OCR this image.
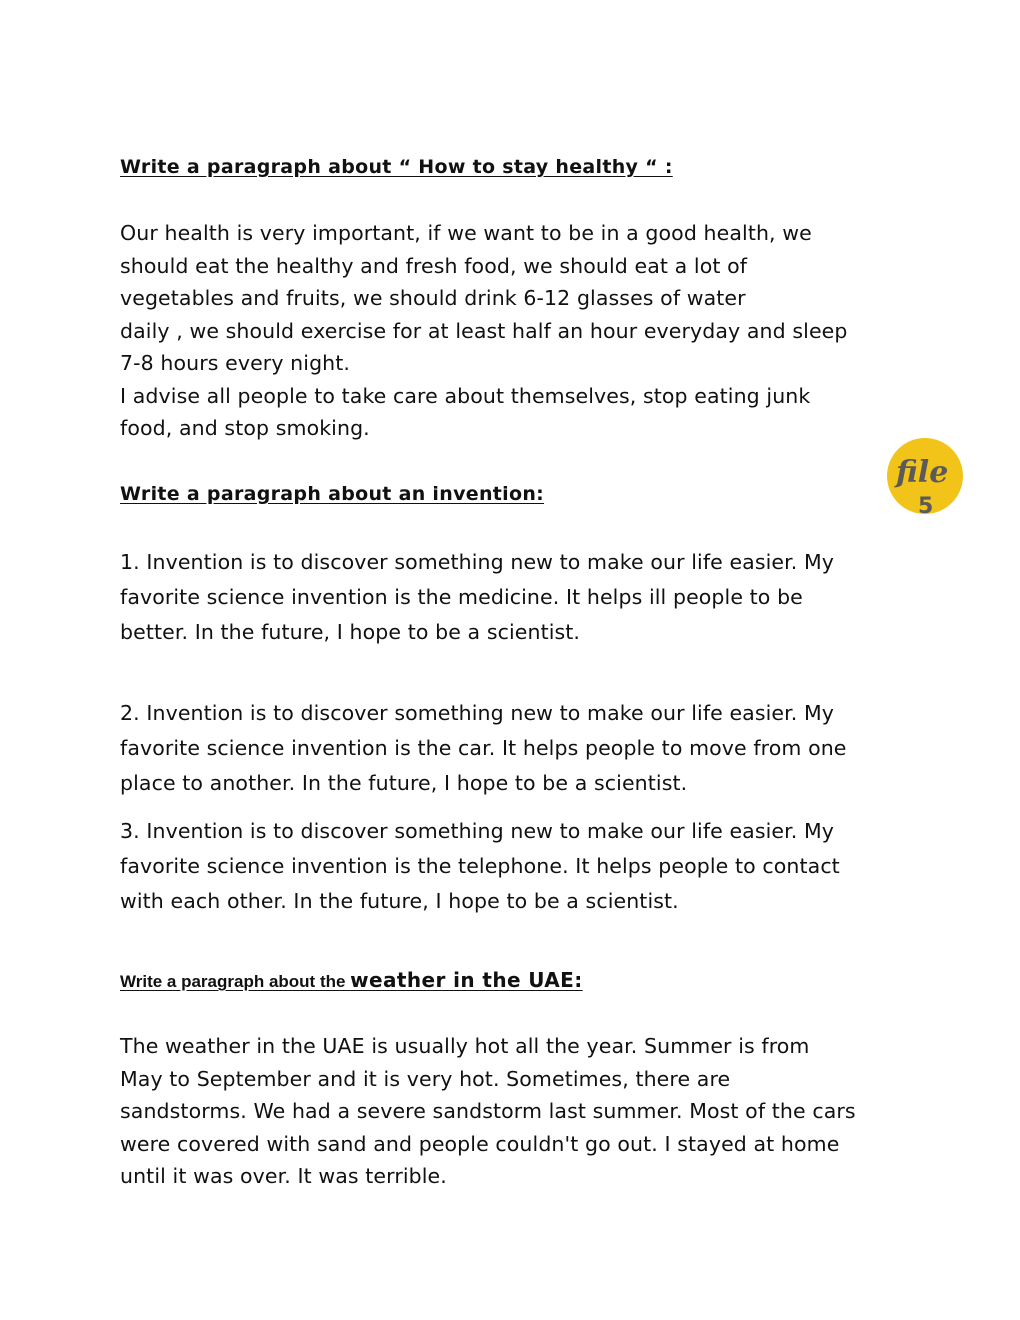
Write a paragraph about “ How to stay healthy “ :
Our health is very important, if we want to be in a good health, we
should eat the healthy and fresh food, we should eat a lot of
vegetables and fruits, we should drink 6-12 glasses of water
daily , we should exercise for at least half an hour everyday and sleep
7-8 hours every night.
I advise all people to take care about themselves, stop eating junk
food, and stop smoking.
file
5
Write a paragraph about an invention:
1. Invention is to discover something new to make our life easier. My
favorite science invention is the medicine. It helps ill people to be
better. In the future, I hope to be a scientist.
2. Invention is to discover something new to make our life easier. My
favorite science invention is the car. It helps people to move from one
place to another. In the future, I hope to be a scientist.
3. Invention is to discover something new to make our life easier. My
favorite science invention is the telephone. It helps people to contact
with each other. In the future, I hope to be a scientist.
Write a paragraph about the weather in the UAE:
The weather in the UAE is usually hot all the year. Summer is from
May to September and it is very hot. Sometimes, there are
sandstorms. We had a severe sandstorm last summer. Most of the cars
were covered with sand and people couldn't go out. I stayed at home
until it was over. It was terrible.
